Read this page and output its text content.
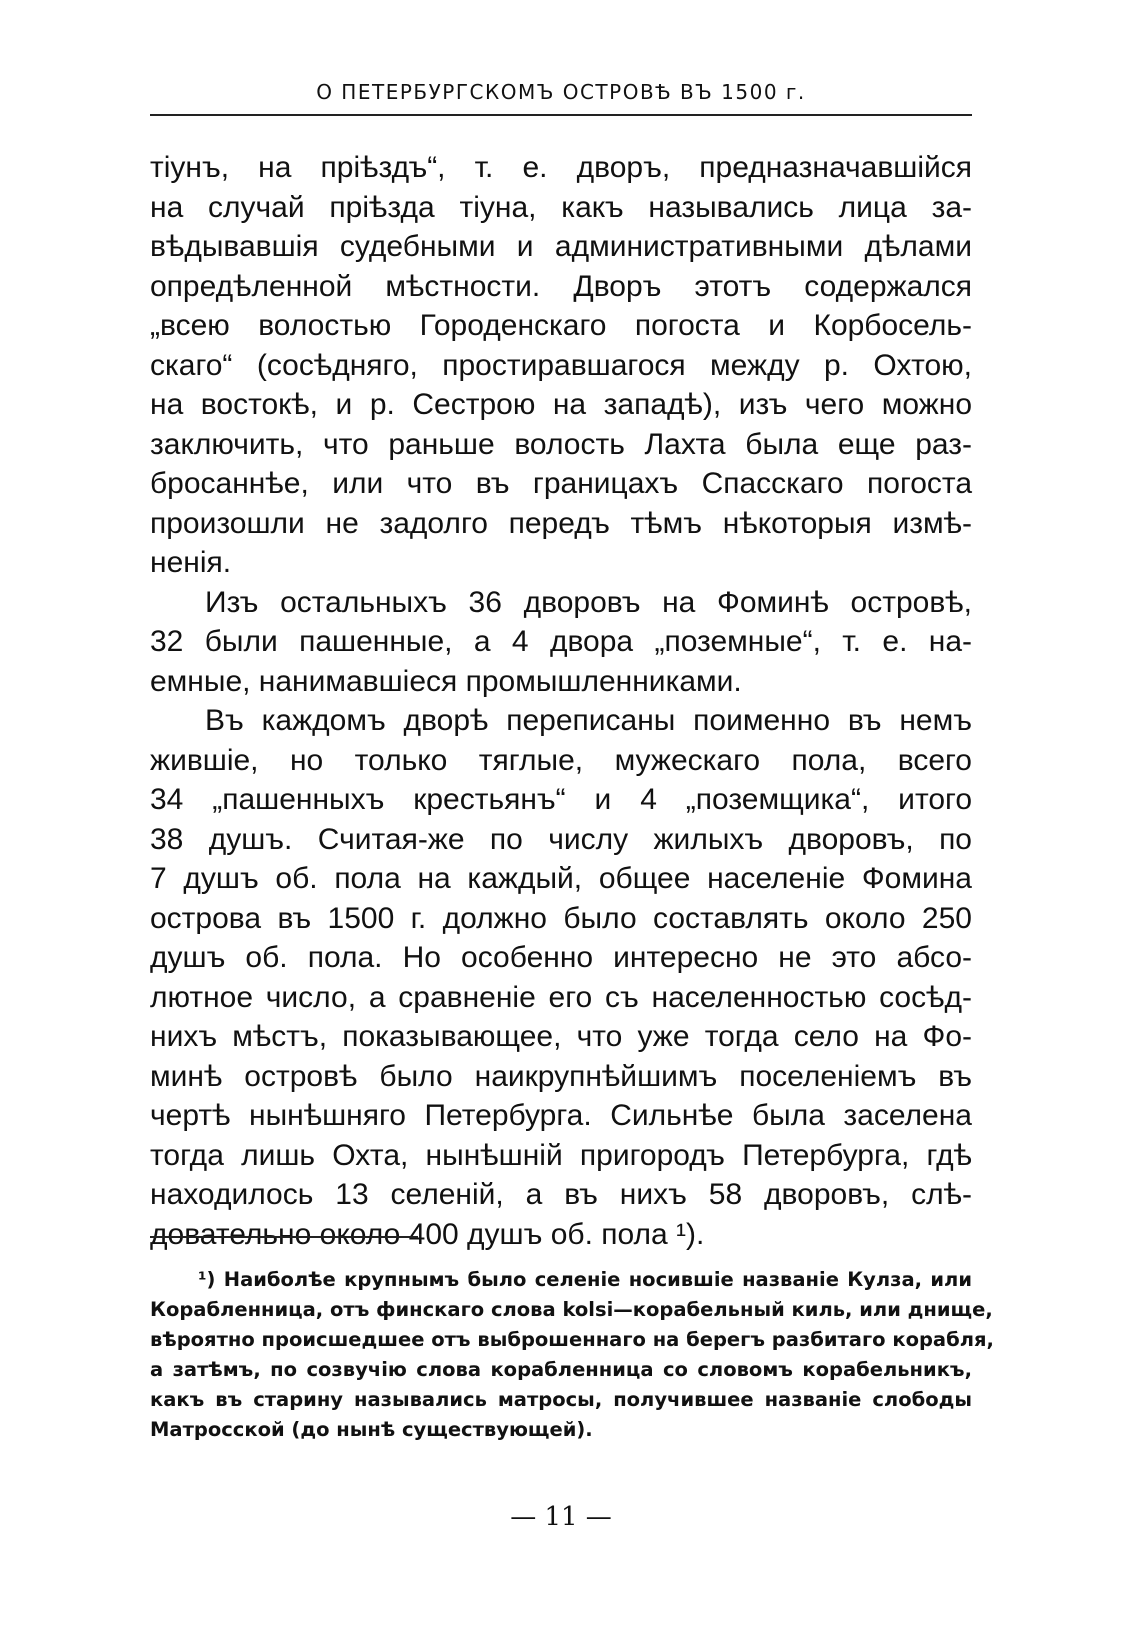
О ПЕТЕРБУРГСКОМЪ ОСТРОВѢ ВЪ 1500 г.
тіунъ, на пріѣздъ“, т. е. дворъ, предназначавшійся
на случай пріѣзда тіуна, какъ назывались лица за-
вѣдывавшія судебными и административными дѣлами
опредѣленной мѣстности. Дворъ этотъ содержался
„всею волостью Городенскаго погоста и Корбосель-
скаго“ (сосѣдняго, простиравшагося между р. Охтою,
на востокѣ, и р. Сестрою на западѣ), изъ чего можно
заключить, что раньше волость Лахта была еще раз-
бросаннѣе, или что въ границахъ Спасскаго погоста
произошли не задолго передъ тѣмъ нѣкоторыя измѣ-
ненія.
Изъ остальныхъ 36 дворовъ на Фоминѣ островѣ,
32 были пашенные, а 4 двора „поземные“, т. е. на-
емные, нанимавшіеся промышленниками.
Въ каждомъ дворѣ переписаны поименно въ немъ
жившіе, но только тяглые, мужескаго пола, всего
34 „пашенныхъ крестьянъ“ и 4 „поземщика“, итого
38 душъ. Считая-же по числу жилыхъ дворовъ, по
7 душъ об. пола на каждый, общее населеніе Фомина
острова въ 1500 г. должно было составлять около 250
душъ об. пола. Но особенно интересно не это абсо-
лютное число, а сравненіе его съ населенностью сосѣд-
нихъ мѣстъ, показывающее, что уже тогда село на Фо-
минѣ островѣ было наикрупнѣйшимъ поселеніемъ въ
чертѣ нынѣшняго Петербурга. Сильнѣе была заселена
тогда лишь Охта, нынѣшній пригородъ Петербурга, гдѣ
находилось 13 селеній, а въ нихъ 58 дворовъ, слѣ-
довательно около 400 душъ об. пола ¹).
¹) Наиболѣе крупнымъ было селеніе носившіе названіе Кулза, или
Корабленница, отъ финскаго слова kolsi—корабельный киль, или днище,
вѣроятно происшедшее отъ выброшеннаго на берегъ разбитаго корабля,
а затѣмъ, по созвучію слова корабленница со словомъ корабельникъ,
какъ въ старину назывались матросы, получившее названіе слободы
Матросской (до нынѣ существующей).
— 11 —
